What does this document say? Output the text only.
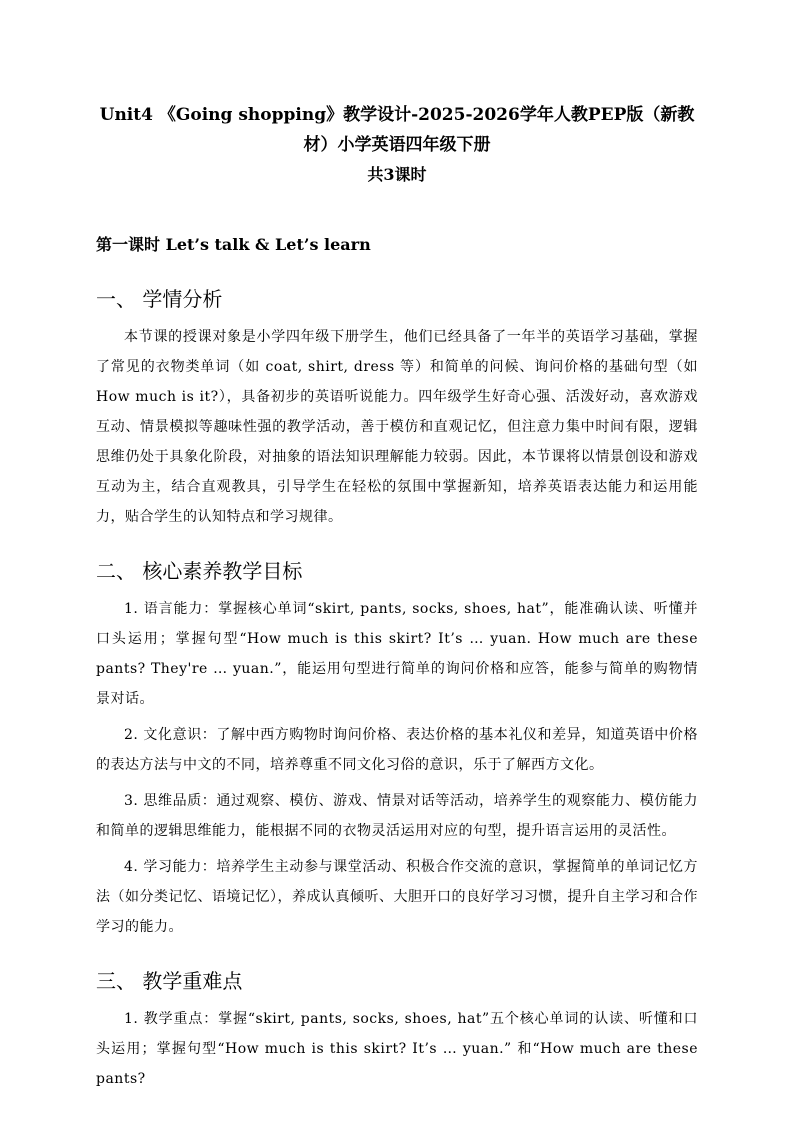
Unit4 《Going shopping》教学设计-2025-2026学年人教PEP版（新教材）小学英语四年级下册

共3课时

第一课时 Let’s talk & Let’s learn

一、 学情分析

本节课的授课对象是小学四年级下册学生，他们已经具备了一年半的英语学习基础，掌握了常见的衣物类单词（如 coat, shirt, dress 等）和简单的问候、询问价格的基础句型（如 How much is it?），具备初步的英语听说能力。四年级学生好奇心强、活泼好动，喜欢游戏互动、情景模拟等趣味性强的教学活动，善于模仿和直观记忆，但注意力集中时间有限，逻辑思维仍处于具象化阶段，对抽象的语法知识理解能力较弱。因此，本节课将以情景创设和游戏互动为主，结合直观教具，引导学生在轻松的氛围中掌握新知，培养英语表达能力和运用能力，贴合学生的认知特点和学习规律。

二、 核心素养教学目标

1. 语言能力：掌握核心单词“skirt, pants, socks, shoes, hat”，能准确认读、听懂并口头运用；掌握句型“How much is this skirt? It’s … yuan. How much are these pants? They're … yuan.”，能运用句型进行简单的询问价格和应答，能参与简单的购物情景对话。

2. 文化意识：了解中西方购物时询问价格、表达价格的基本礼仪和差异，知道英语中价格的表达方法与中文的不同，培养尊重不同文化习俗的意识，乐于了解西方文化。

3. 思维品质：通过观察、模仿、游戏、情景对话等活动，培养学生的观察能力、模仿能力和简单的逻辑思维能力，能根据不同的衣物灵活运用对应的句型，提升语言运用的灵活性。

4. 学习能力：培养学生主动参与课堂活动、积极合作交流的意识，掌握简单的单词记忆方法（如分类记忆、语境记忆），养成认真倾听、大胆开口的良好学习习惯，提升自主学习和合作学习的能力。

三、 教学重难点

1. 教学重点：掌握“skirt, pants, socks, shoes, hat”五个核心单词的认读、听懂和口头运用；掌握句型“How much is this skirt? It’s … yuan.” 和“How much are these pants?
